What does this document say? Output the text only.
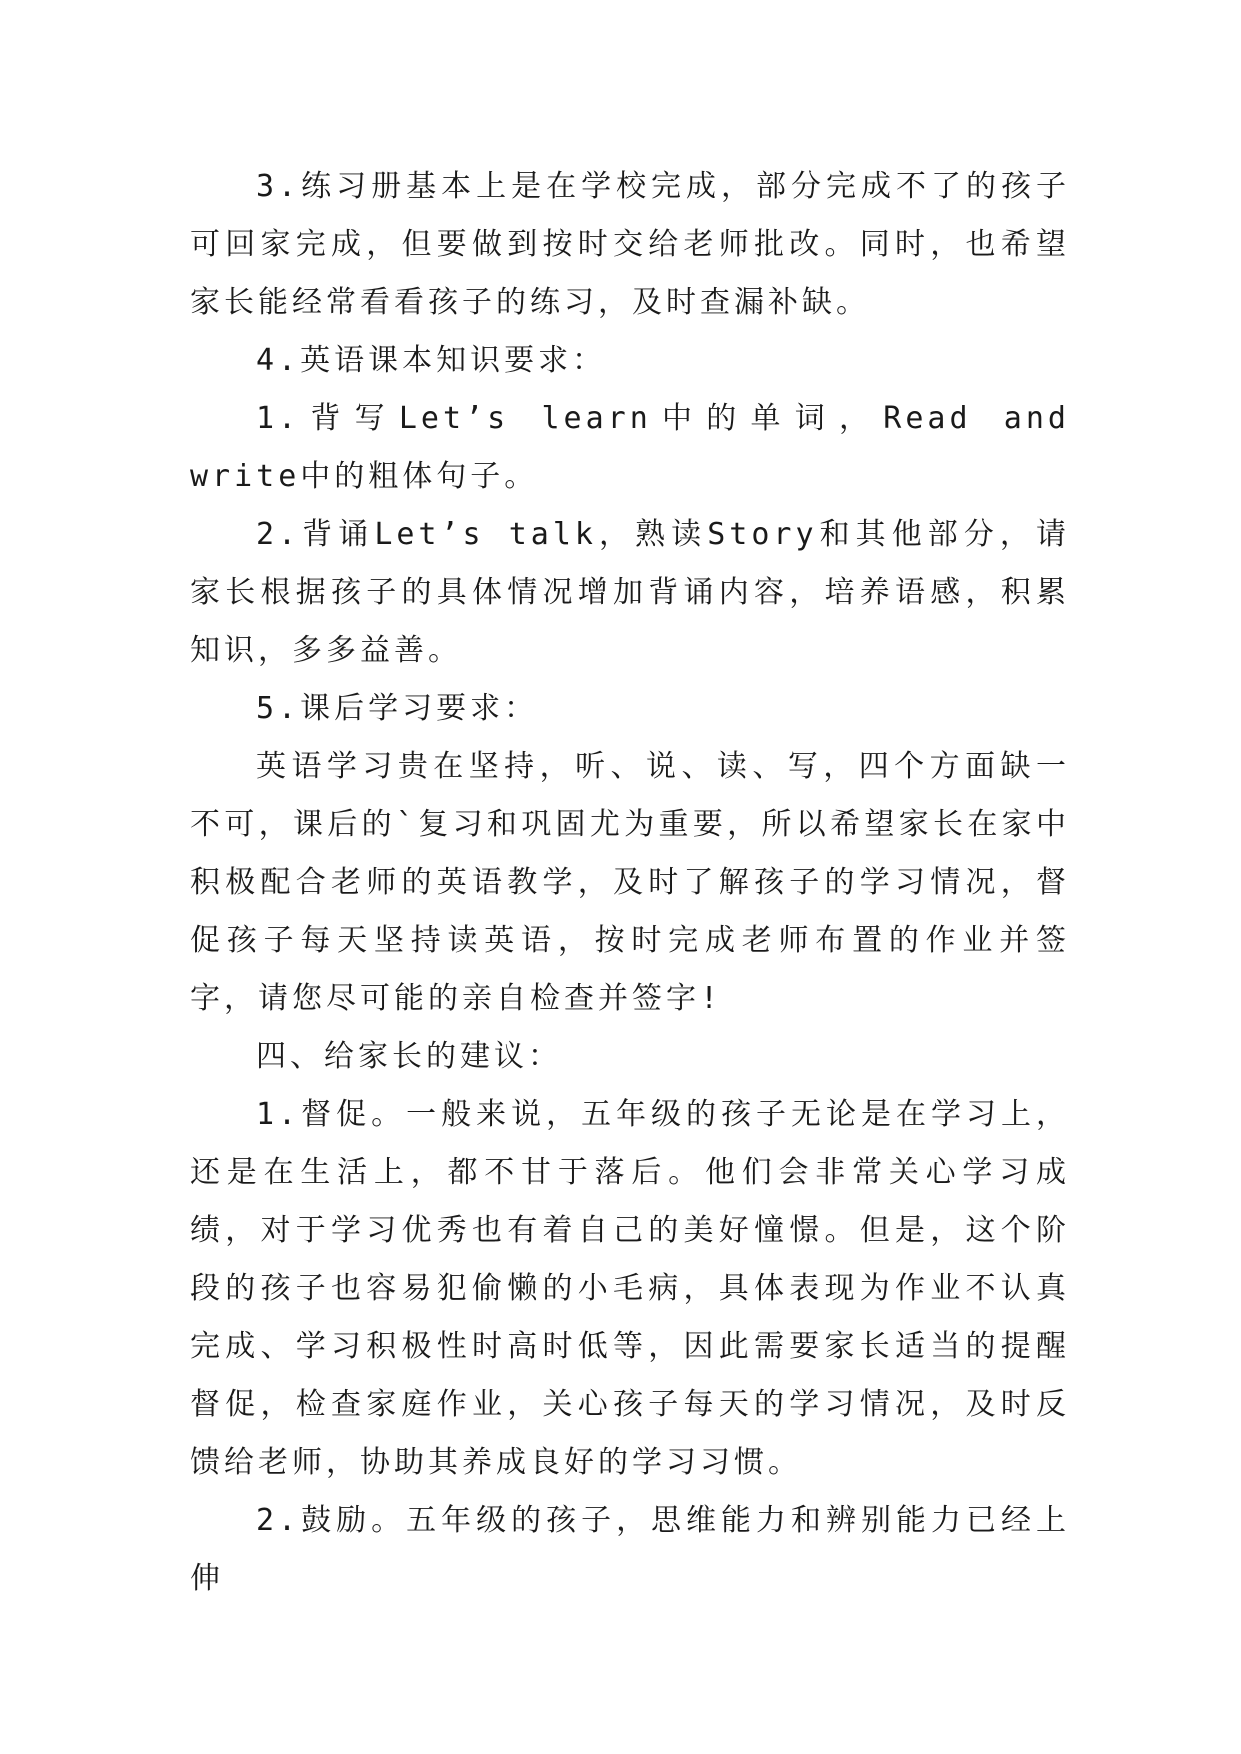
3.练习册基本上是在学校完成，部分完成不了的孩子可回家完成，但要做到按时交给老师批改。同时，也希望家长能经常看看孩子的练习，及时查漏补缺。

4.英语课本知识要求：

1.背写Let’s learn中的单词，Read and write中的粗体句子。

2.背诵Let’s talk，熟读Story和其他部分，请家长根据孩子的具体情况增加背诵内容，培养语感，积累知识，多多益善。

5.课后学习要求：

英语学习贵在坚持，听、说、读、写，四个方面缺一不可，课后的`复习和巩固尤为重要，所以希望家长在家中积极配合老师的英语教学，及时了解孩子的学习情况，督促孩子每天坚持读英语，按时完成老师布置的作业并签字，请您尽可能的亲自检查并签字!

四、给家长的建议：

1.督促。一般来说，五年级的孩子无论是在学习上，还是在生活上，都不甘于落后。他们会非常关心学习成绩，对于学习优秀也有着自己的美好憧憬。但是，这个阶段的孩子也容易犯偷懒的小毛病，具体表现为作业不认真完成、学习积极性时高时低等，因此需要家长适当的提醒督促，检查家庭作业，关心孩子每天的学习情况，及时反馈给老师，协助其养成良好的学习习惯。

2.鼓励。五年级的孩子，思维能力和辨别能力已经上伸
